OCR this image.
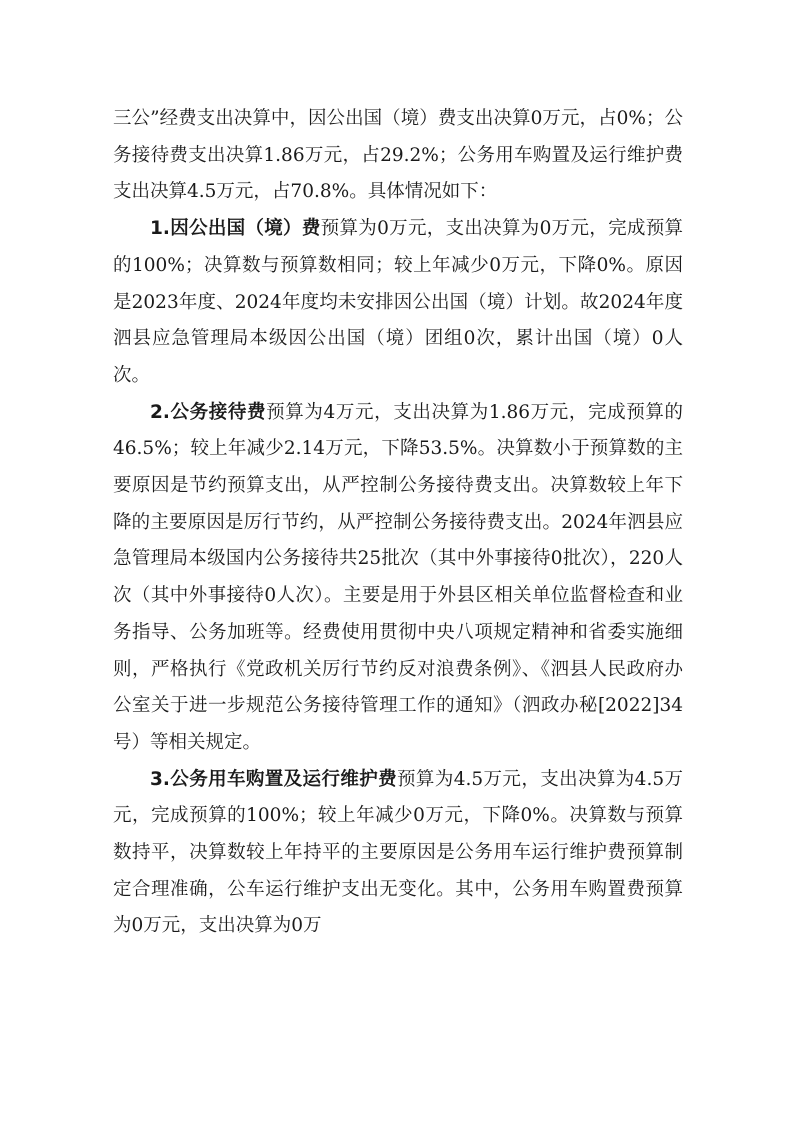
三公”经费支出决算中，因公出国（境）费支出决算0万元，占0%；公务接待费支出决算1.86万元，占29.2%；公务用车购置及运行维护费支出决算4.5万元，占70.8%。具体情况如下：

1.因公出国（境）费预算为0万元，支出决算为0万元，完成预算的100%；决算数与预算数相同；较上年减少0万元，下降0%。原因是2023年度、2024年度均未安排因公出国（境）计划。故2024年度泗县应急管理局本级因公出国（境）团组0次，累计出国（境）0人次。

2.公务接待费预算为4万元，支出决算为1.86万元，完成预算的46.5%；较上年减少2.14万元，下降53.5%。决算数小于预算数的主要原因是节约预算支出，从严控制公务接待费支出。决算数较上年下降的主要原因是厉行节约，从严控制公务接待费支出。2024年泗县应急管理局本级国内公务接待共25批次（其中外事接待0批次），220人次（其中外事接待0人次）。主要是用于外县区相关单位监督检查和业务指导、公务加班等。经费使用贯彻中央八项规定精神和省委实施细则，严格执行《党政机关厉行节约反对浪费条例》、《泗县人民政府办公室关于进一步规范公务接待管理工作的通知》（泗政办秘[2022]34号）等相关规定。

3.公务用车购置及运行维护费预算为4.5万元，支出决算为4.5万元，完成预算的100%；较上年减少0万元，下降0%。决算数与预算数持平，决算数较上年持平的主要原因是公务用车运行维护费预算制定合理准确，公车运行维护支出无变化。其中，公务用车购置费预算为0万元，支出决算为0万
